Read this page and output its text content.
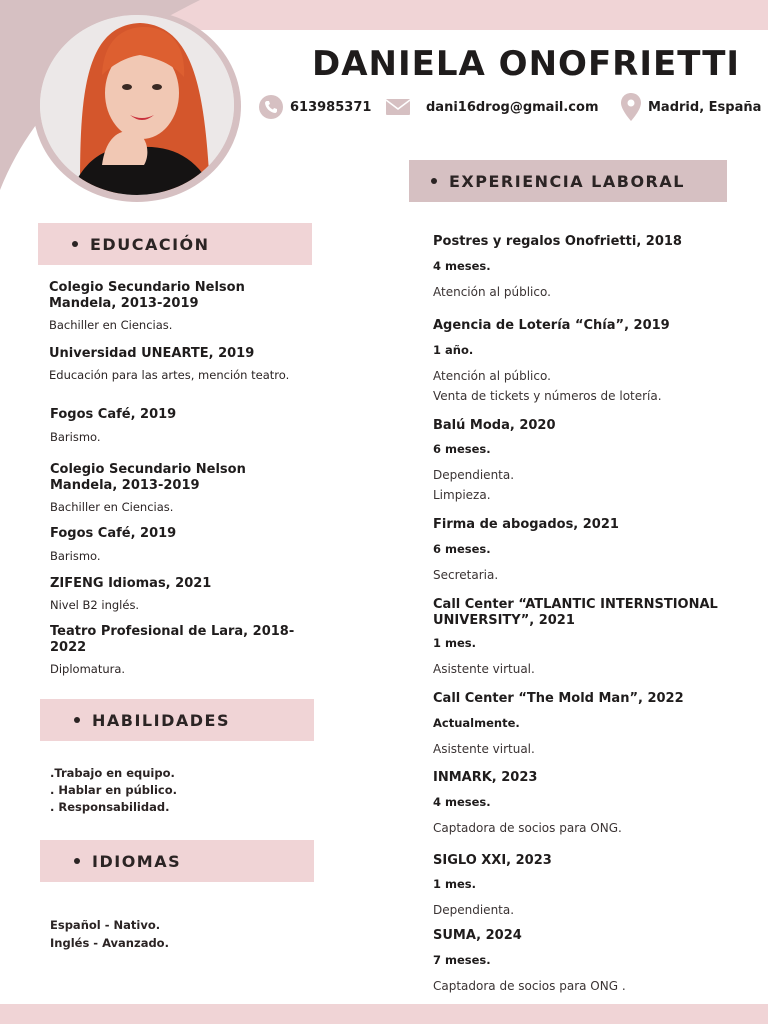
DANIELA ONOFRIETTI
613985371	dani16drog@gmail.com	Madrid, España
EXPERIENCIA LABORAL
EDUCACIÓN
Colegio Secundario Nelson Mandela, 2013-2019
Bachiller en Ciencias.
Universidad UNEARTE, 2019
Educación para las artes, mención teatro.
Fogos Café, 2019
Barismo.
Colegio Secundario Nelson Mandela, 2013-2019
Bachiller en Ciencias.
Fogos Café, 2019
Barismo.
ZIFENG Idiomas, 2021
Nivel B2 inglés.
Teatro Profesional de Lara, 2018-2022
Diplomatura.
HABILIDADES
.Trabajo en equipo.
. Hablar en público.
. Responsabilidad.
IDIOMAS
Español - Nativo.
Inglés - Avanzado.
Postres y regalos Onofrietti, 2018
4 meses.
Atención al público.
Agencia de Lotería “Chía”, 2019
1 año.
Atención al público.
Venta de tickets y números de lotería.
Balú Moda, 2020
6 meses.
Dependienta.
Limpieza.
Firma de abogados, 2021
6 meses.
Secretaria.
Call Center “ATLANTIC INTERNSTIONAL UNIVERSITY”, 2021
1 mes.
Asistente virtual.
Call Center “The Mold Man”, 2022
Actualmente.
Asistente virtual.
INMARK, 2023
4 meses.
Captadora de socios para ONG.
SIGLO XXI, 2023
1 mes.
Dependienta.
SUMA, 2024
7 meses.
Captadora de socios para ONG .
